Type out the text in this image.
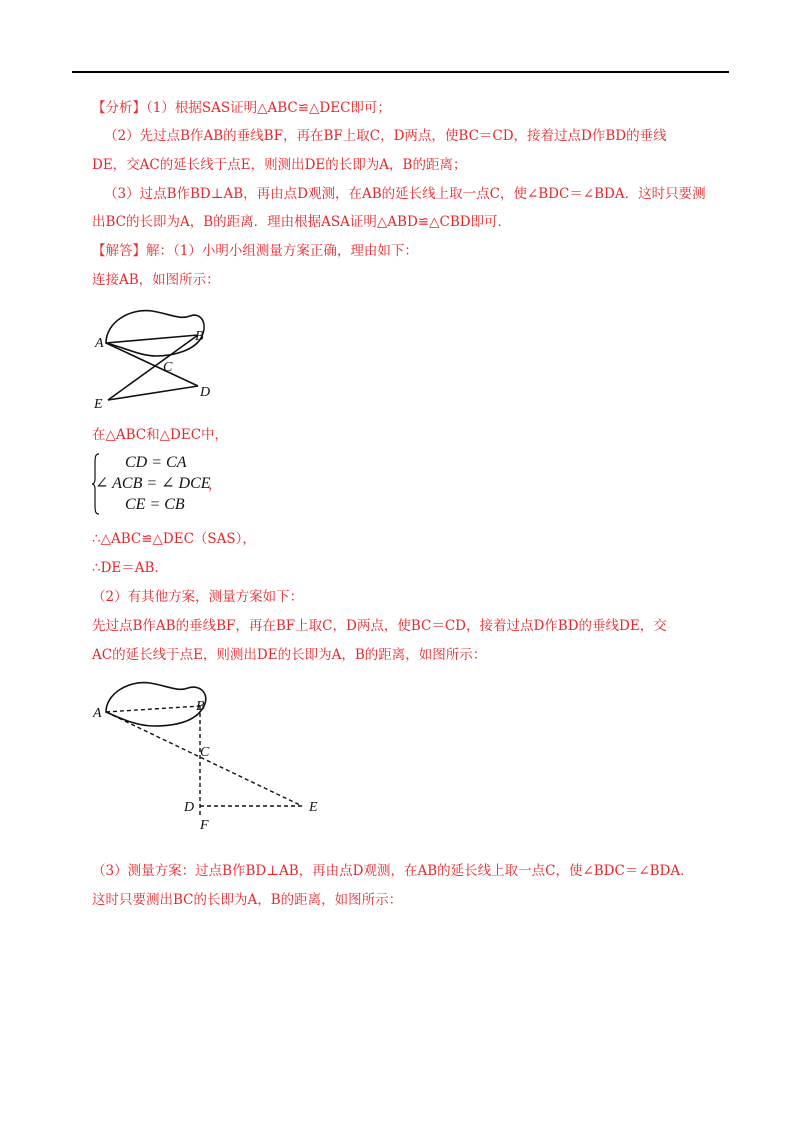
【分析】（1）根据SAS证明△ABC≌△DEC即可；
（2）先过点B作AB的垂线BF，再在BF上取C，D两点，使BC＝CD，接着过点D作BD的垂线
DE，交AC的延长线于点E，则测出DE的长即为A，B的距离；
（3）过点B作BD⊥AB，再由点D观测，在AB的延长线上取一点C，使∠BDC＝∠BDA．这时只要测
出BC的长即为A，B的距离．理由根据ASA证明△ABD≌△CBD即可．
【解答】解：（1）小明小组测量方案正确，理由如下：
连接AB，如图所示：
A	B
C
D
E
在△ABC和△DEC中，
CD = CA
∠ ACB = ∠ DCE
CE = CB
，
∴△ABC≌△DEC（SAS），
∴DE＝AB．
（2）有其他方案，测量方案如下：
先过点B作AB的垂线BF，再在BF上取C，D两点，使BC＝CD，接着过点D作BD的垂线DE，交
AC的延长线于点E，则测出DE的长即为A，B的距离，如图所示：
A	B
C
D	E
F
（3）测量方案：过点B作BD⊥AB，再由点D观测，在AB的延长线上取一点C，使∠BDC＝∠BDA．
这时只要测出BC的长即为A，B的距离，如图所示：
